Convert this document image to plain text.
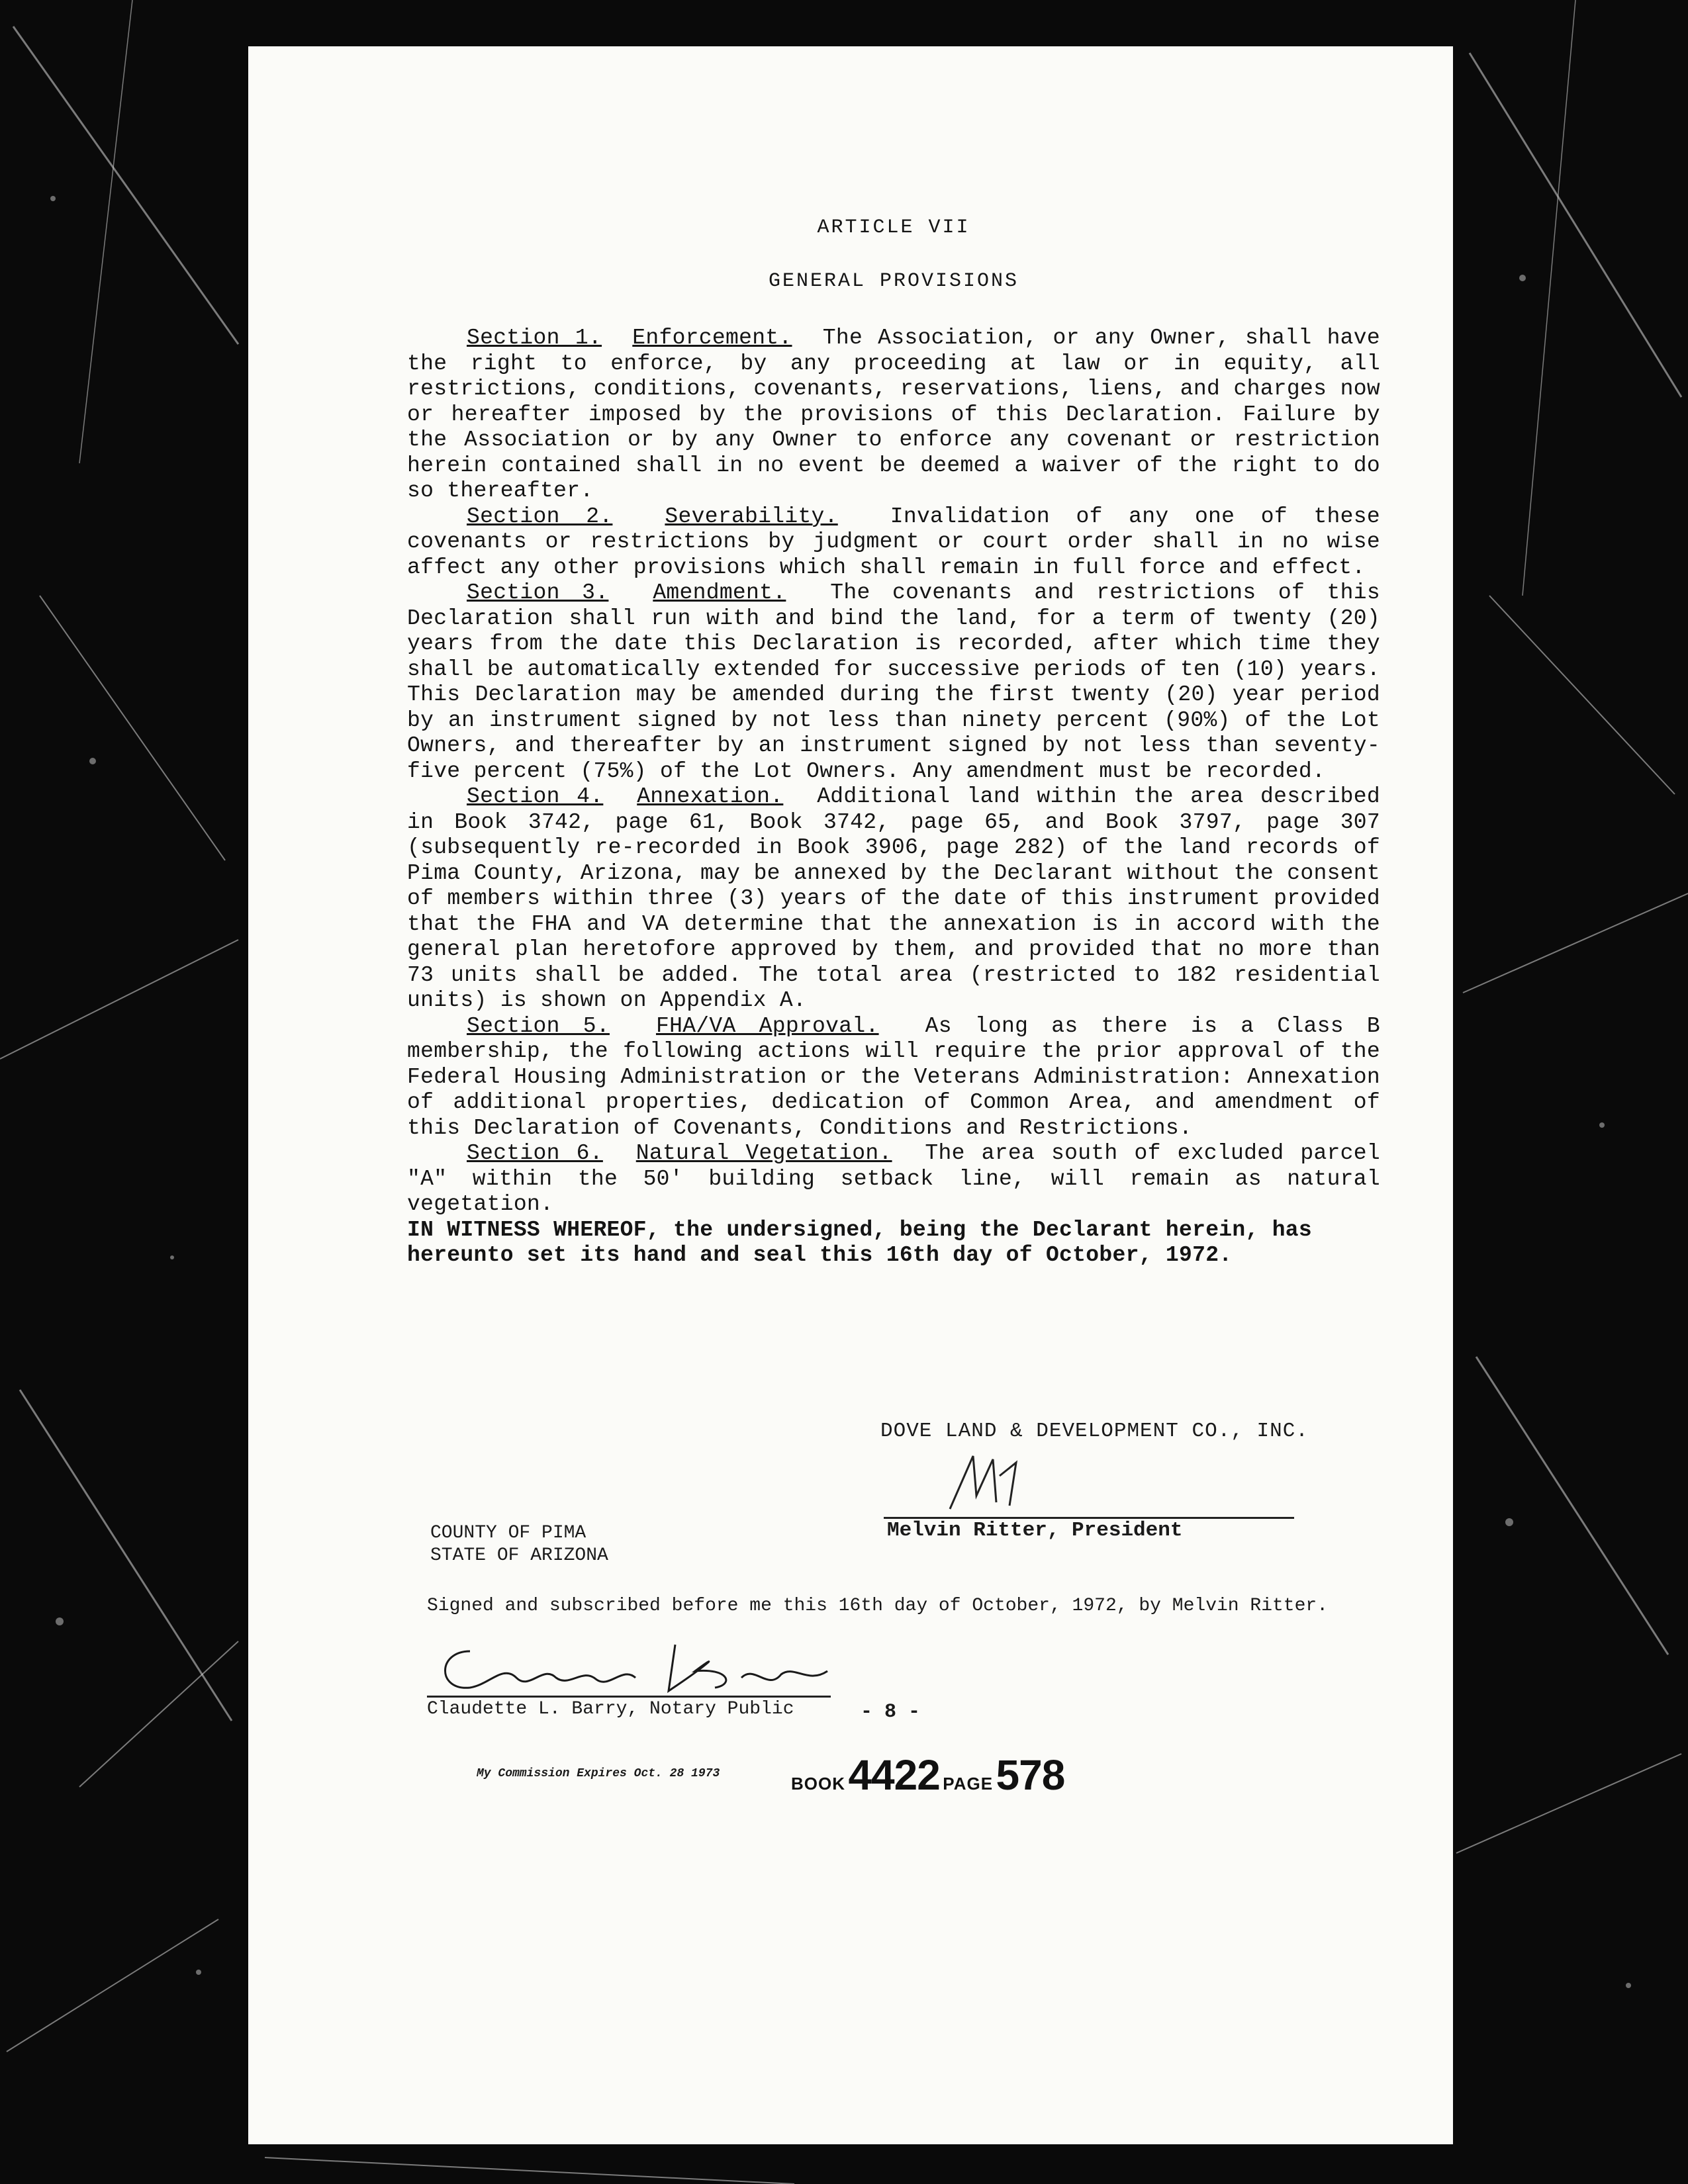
ARTICLE VII

GENERAL PROVISIONS

Section 1. Enforcement. The Association, or any Owner, shall have the right to enforce, by any proceeding at law or in equity, all restrictions, conditions, covenants, reservations, liens, and charges now or hereafter imposed by the provisions of this Declaration. Failure by the Association or by any Owner to enforce any covenant or restriction herein contained shall in no event be deemed a waiver of the right to do so thereafter.

Section 2. Severability. Invalidation of any one of these covenants or restrictions by judgment or court order shall in no wise affect any other provisions which shall remain in full force and effect.

Section 3. Amendment. The covenants and restrictions of this Declaration shall run with and bind the land, for a term of twenty (20) years from the date this Declaration is recorded, after which time they shall be automatically extended for successive periods of ten (10) years. This Declaration may be amended during the first twenty (20) year period by an instrument signed by not less than ninety percent (90%) of the Lot Owners, and thereafter by an instrument signed by not less than seventy-five percent (75%) of the Lot Owners. Any amendment must be recorded.

Section 4. Annexation. Additional land within the area described in Book 3742, page 61, Book 3742, page 65, and Book 3797, page 307 (subsequently re-recorded in Book 3906, page 282) of the land records of Pima County, Arizona, may be annexed by the Declarant without the consent of members within three (3) years of the date of this instrument provided that the FHA and VA determine that the annexation is in accord with the general plan heretofore approved by them, and provided that no more than 73 units shall be added. The total area (restricted to 182 residential units) is shown on Appendix A.

Section 5. FHA/VA Approval. As long as there is a Class B membership, the following actions will require the prior approval of the Federal Housing Administration or the Veterans Administration: Annexation of additional properties, dedication of Common Area, and amendment of this Declaration of Covenants, Conditions and Restrictions.

Section 6. Natural Vegetation. The area south of excluded parcel "A" within the 50' building setback line, will remain as natural vegetation.

IN WITNESS WHEREOF, the undersigned, being the Declarant herein, has hereunto set its hand and seal this 16th day of October, 1972.

DOVE LAND & DEVELOPMENT CO., INC.
COUNTY OF PIMA
STATE OF ARIZONA
Melvin Ritter, President
Signed and subscribed before me this 16th day of October, 1972, by Melvin Ritter.
Claudette L. Barry, Notary Public	- 8 -
My Commission Expires Oct. 28 1973	BOOK 4422 PAGE 578
